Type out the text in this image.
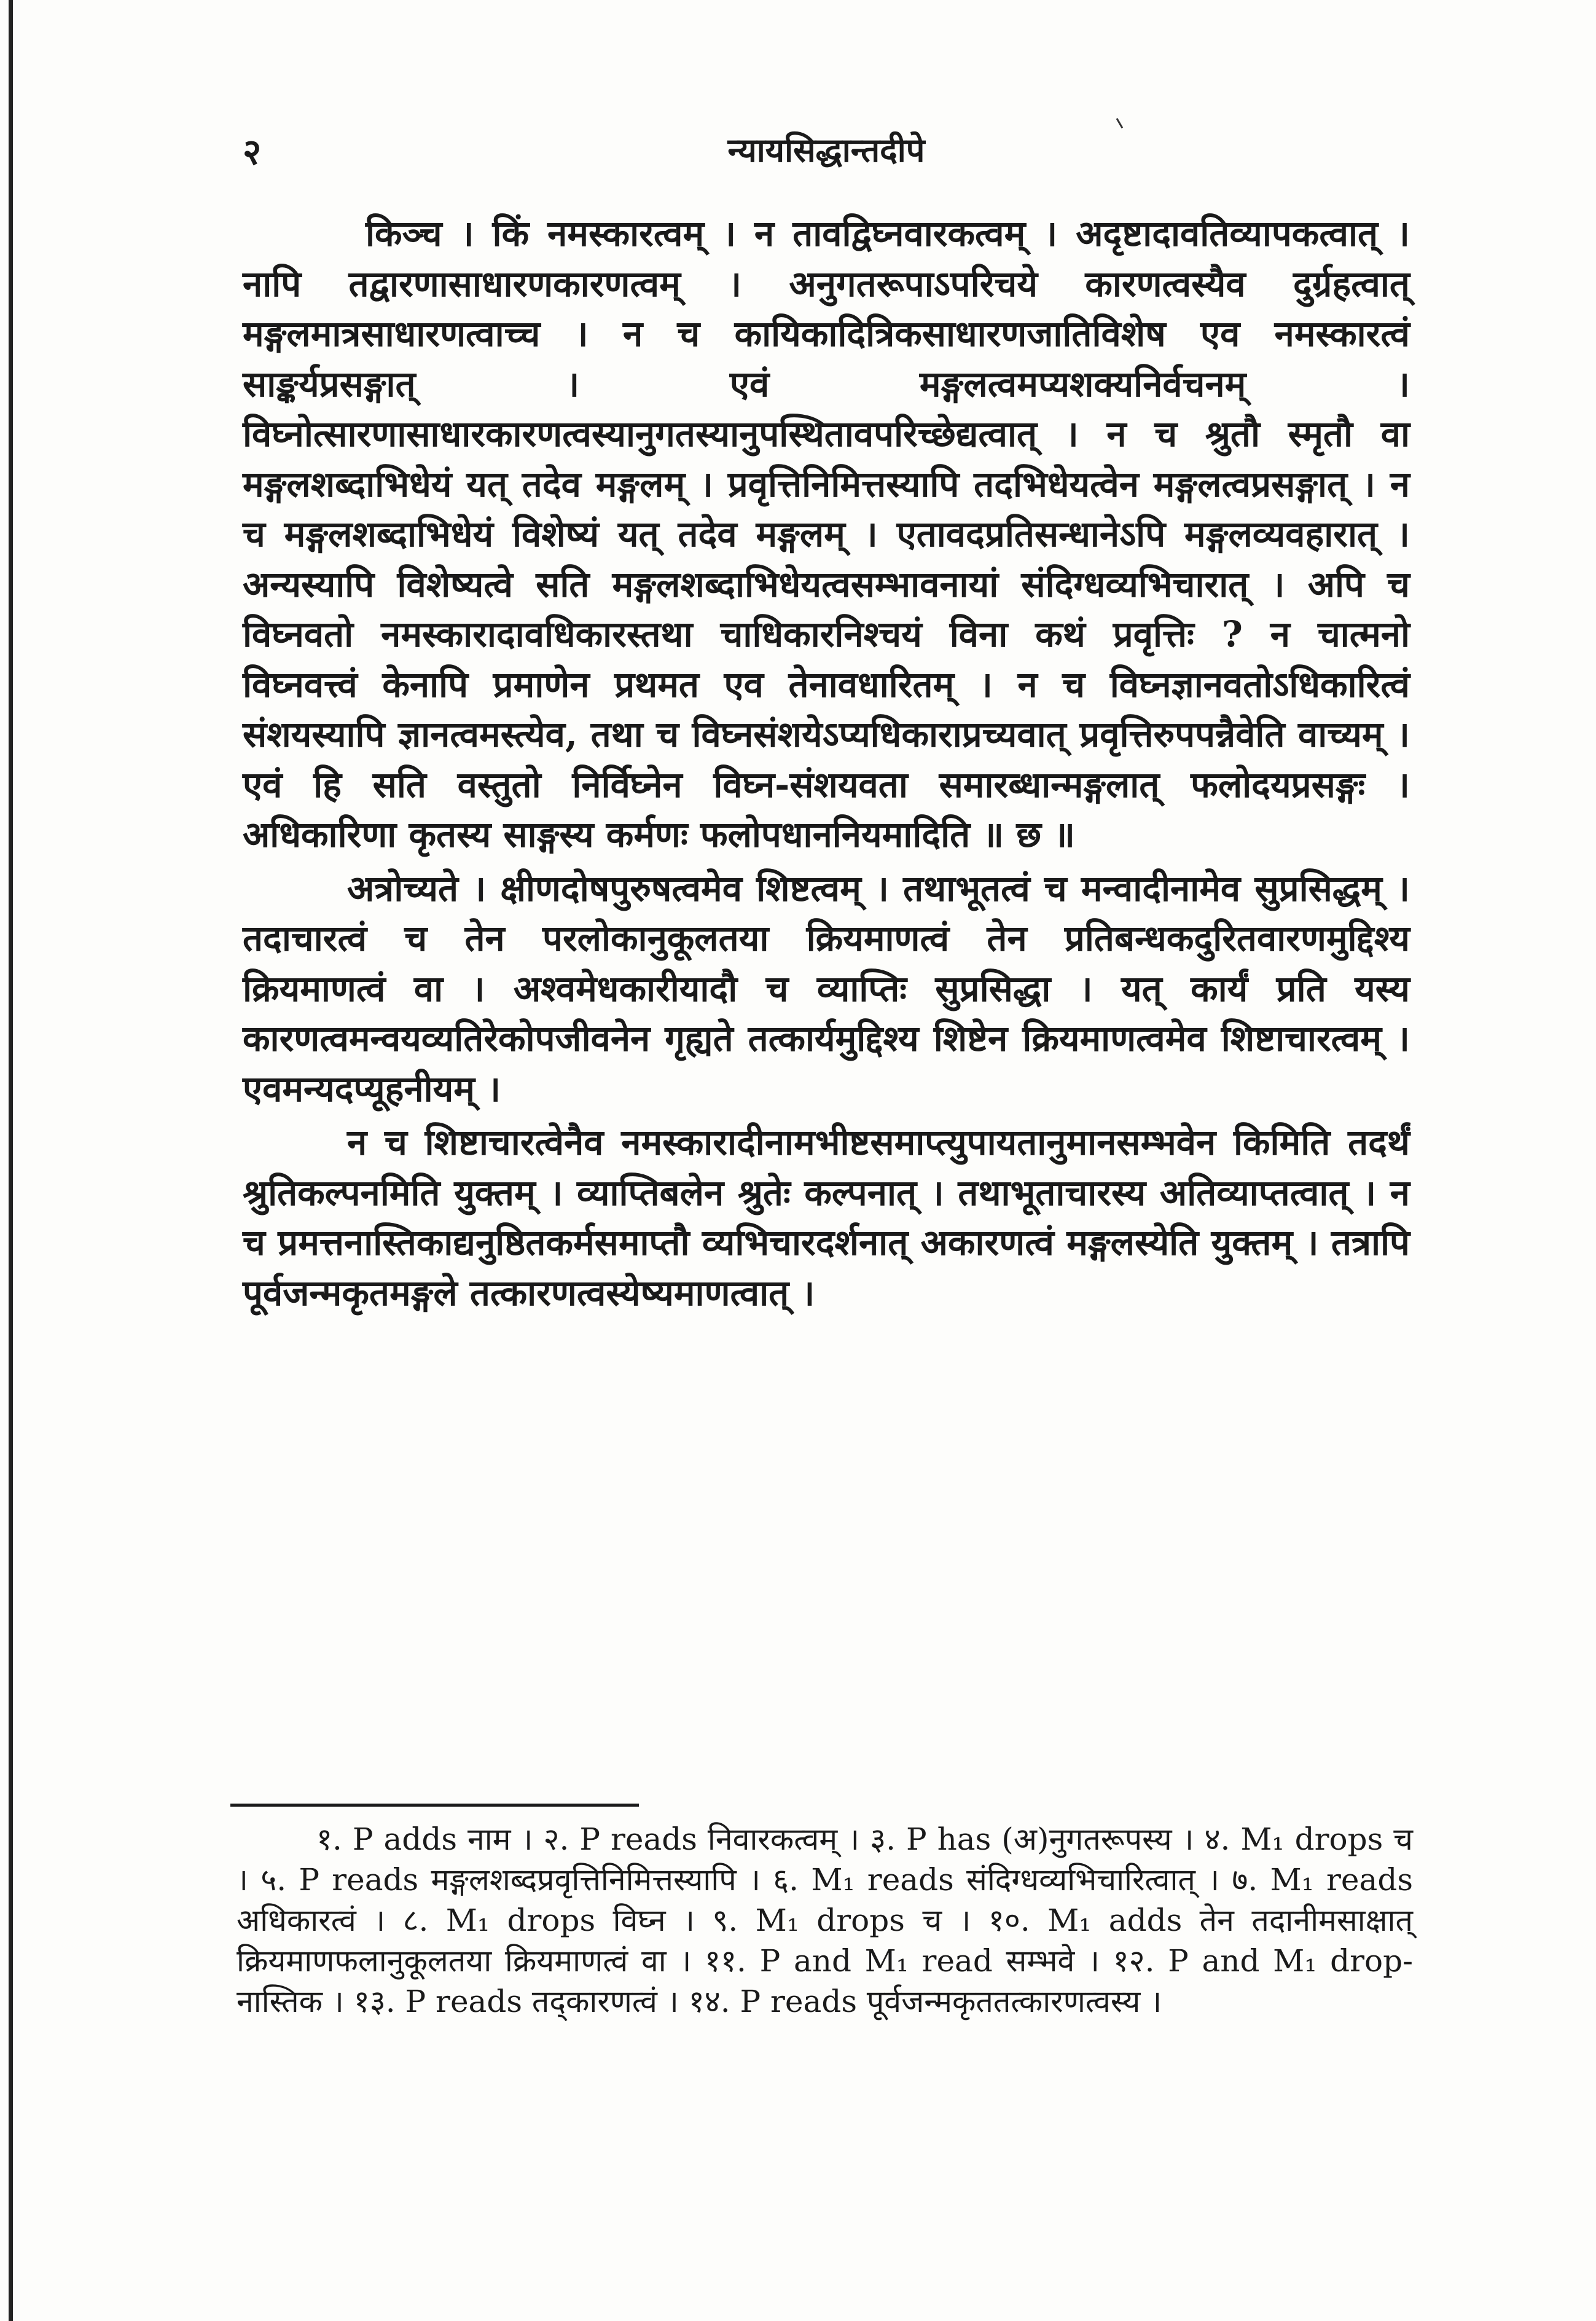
२	न्यायसिद्धान्तदीपे

किञ्च । किं नमस्कारत्वम् । न तावद्विघ्नवारकत्वम् । अदृष्टादावतिव्यापकत्वात् । नापि तद्वारणासाधारणकारणत्वम् । अनुगतरूपाऽपरिचये कारणत्वस्यैव दुर्ग्रहत्वात् मङ्गलमात्रसाधारणत्वाच्च । न च कायिकादित्रिकसाधारणजातिविशेष एव नमस्कारत्वं साङ्कर्यप्रसङ्गात् । एवं मङ्गलत्वमप्यशक्यनिर्वचनम् । विघ्नोत्सारणासाधारकारणत्वस्यानुगतस्यानुपस्थितावपरिच्छेद्यत्वात् । न च श्रुतौ स्मृतौ वा मङ्गलशब्दाभिधेयं यत् तदेव मङ्गलम् । प्रवृत्तिनिमित्तस्यापि तदभिधेयत्वेन मङ्गलत्वप्रसङ्गात् । न च मङ्गलशब्दाभिधेयं विशेष्यं यत् तदेव मङ्गलम् । एतावदप्रतिसन्धानेऽपि मङ्गलव्यवहारात् । अन्यस्यापि विशेष्यत्वे सति मङ्गलशब्दाभिधेयत्वसम्भावनायां संदिग्धव्यभिचारात् । अपि च विघ्नवतो नमस्कारादावधिकारस्तथा चाधिकारनिश्चयं विना कथं प्रवृत्तिः ? न चात्मनो विघ्नवत्त्वं केनापि प्रमाणेन प्रथमत एव तेनावधारितम् । न च विघ्नज्ञानवतोऽधिकारित्वं संशयस्यापि ज्ञानत्वमस्त्येव, तथा च विघ्नसंशयेऽप्यधिकाराप्रच्यवात् प्रवृत्तिरुपपन्नैवेति वाच्यम् । एवं हि सति वस्तुतो निर्विघ्नेन विघ्न-संशयवता समारब्धान्मङ्गलात् फलोदयप्रसङ्गः । अधिकारिणा कृतस्य साङ्गस्य कर्मणः फलोपधाननियमादिति ॥ छ ॥

अत्रोच्यते । क्षीणदोषपुरुषत्वमेव शिष्टत्वम् । तथाभूतत्वं च मन्वादीनामेव सुप्रसिद्धम् । तदाचारत्वं च तेन परलोकानुकूलतया क्रियमाणत्वं तेन प्रतिबन्धकदुरितवारणमुद्दिश्य क्रियमाणत्वं वा । अश्वमेधकारीयादौ च व्याप्तिः सुप्रसिद्धा । यत् कार्यं प्रति यस्य कारणत्वमन्वयव्यतिरेकोपजीवनेन गृह्यते तत्कार्यमुद्दिश्य शिष्टेन क्रियमाणत्वमेव शिष्टाचारत्वम् । एवमन्यदप्यूहनीयम् ।

न च शिष्टाचारत्वेनैव नमस्कारादीनामभीष्टसमाप्त्युपायतानुमानसम्भवेन किमिति तदर्थं श्रुतिकल्पनमिति युक्तम् । व्याप्तिबलेन श्रुतेः कल्पनात् । तथाभूताचारस्य अतिव्याप्तत्वात् । न च प्रमत्तनास्तिकाद्यनुष्ठितकर्मसमाप्तौ व्यभिचारदर्शनात् अकारणत्वं मङ्गलस्येति युक्तम् । तत्रापि पूर्वजन्मकृतमङ्गले तत्कारणत्वस्येष्यमाणत्वात् ।

१. P adds नाम । २. P reads निवारकत्वम् । ३. P has (अ)नुगतरूपस्य । ४. M₁ drops च । ५. P reads मङ्गलशब्दप्रवृत्तिनिमित्तस्यापि । ६. M₁ reads संदिग्धव्यभिचारित्वात् । ७. M₁ reads अधिकारत्वं । ८. M₁ drops विघ्न । ९. M₁ drops च । १०. M₁ adds तेन तदानीमसाक्षात् क्रियमाणफलानुकूलतया क्रियमाणत्वं वा । ११. P and M₁ read सम्भवे । १२. P and M₁ drop-नास्तिक । १३. P reads तद्कारणत्वं । १४. P reads पूर्वजन्मकृततत्कारणत्वस्य ।
